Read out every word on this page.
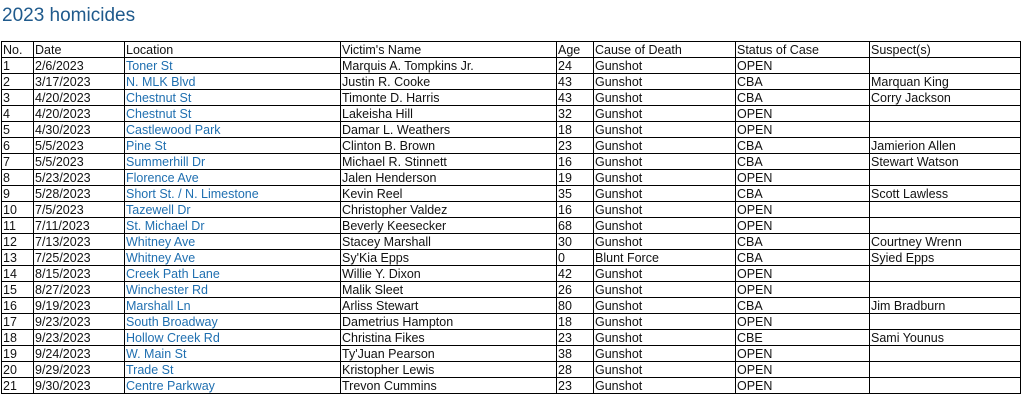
2023 homicides
No.	Date	Location	Victim's Name	Age	Cause of Death	Status of Case	Suspect(s)
1	2/6/2023	Toner St	Marquis A. Tompkins Jr.	24	Gunshot	OPEN	
2	3/17/2023	N. MLK Blvd	Justin R. Cooke	43	Gunshot	CBA	Marquan King
3	4/20/2023	Chestnut St	Timonte D. Harris	43	Gunshot	CBA	Corry Jackson
4	4/20/2023	Chestnut St	Lakeisha Hill	32	Gunshot	OPEN	
5	4/30/2023	Castlewood Park	Damar L. Weathers	18	Gunshot	OPEN	
6	5/5/2023	Pine St	Clinton B. Brown	23	Gunshot	CBA	Jamierion Allen
7	5/5/2023	Summerhill Dr	Michael R. Stinnett	16	Gunshot	CBA	Stewart Watson
8	5/23/2023	Florence Ave	Jalen Henderson	19	Gunshot	OPEN	
9	5/28/2023	Short St. / N. Limestone	Kevin Reel	35	Gunshot	CBA	Scott Lawless
10	7/5/2023	Tazewell Dr	Christopher Valdez	16	Gunshot	OPEN	
11	7/11/2023	St. Michael Dr	Beverly Keesecker	68	Gunshot	OPEN	
12	7/13/2023	Whitney Ave	Stacey Marshall	30	Gunshot	CBA	Courtney Wrenn
13	7/25/2023	Whitney Ave	Sy'Kia Epps	0	Blunt Force	CBA	Syied Epps
14	8/15/2023	Creek Path Lane	Willie Y. Dixon	42	Gunshot	OPEN	
15	8/27/2023	Winchester Rd	Malik Sleet	26	Gunshot	OPEN	
16	9/19/2023	Marshall Ln	Arliss Stewart	80	Gunshot	CBA	Jim Bradburn
17	9/23/2023	South Broadway	Dametrius Hampton	18	Gunshot	OPEN	
18	9/23/2023	Hollow Creek Rd	Christina Fikes	23	Gunshot	CBE	Sami Younus
19	9/24/2023	W. Main St	Ty'Juan Pearson	38	Gunshot	OPEN	
20	9/29/2023	Trade St	Kristopher Lewis	28	Gunshot	OPEN	
21	9/30/2023	Centre Parkway	Trevon Cummins	23	Gunshot	OPEN	
